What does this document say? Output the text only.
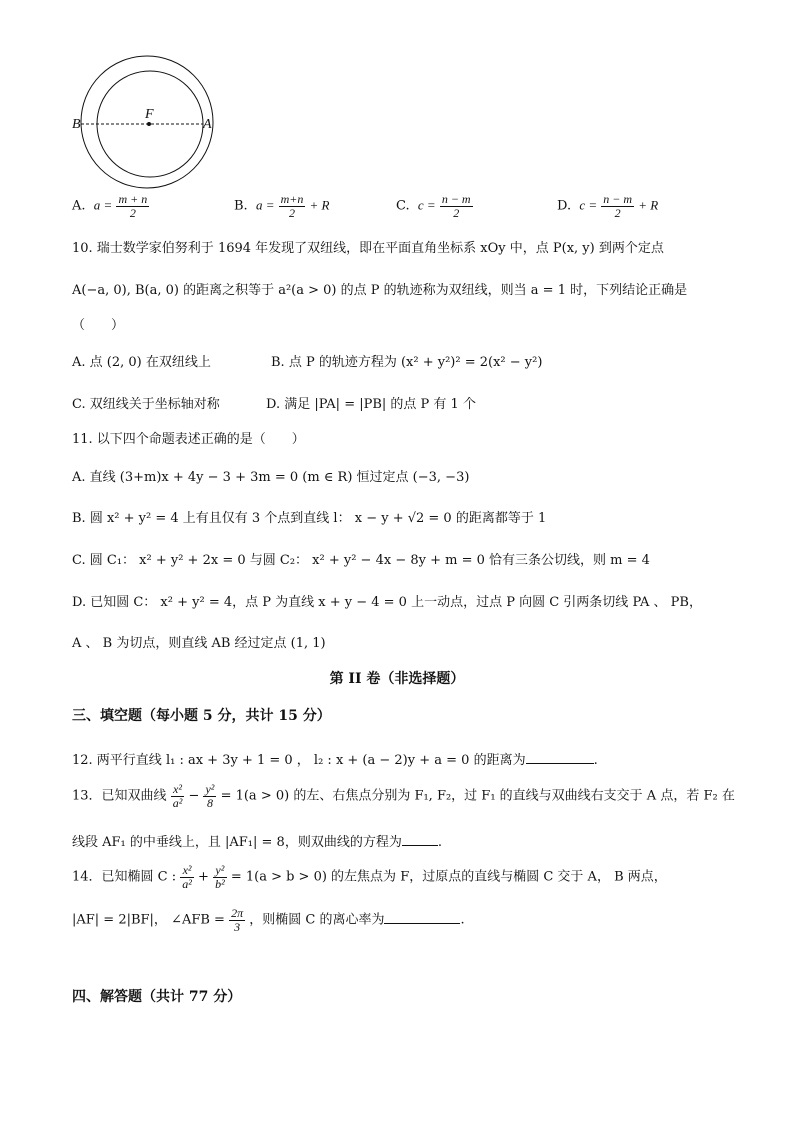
B
F
A
A. $a = \frac{m + n}{2}$	B. $a = \frac{m+n}{2} + R$	C. $c = \frac{n - m}{2}$	D. $c = \frac{n - m}{2} + R$
10. 瑞士数学家伯努利于 1694 年发现了双纽线，即在平面直角坐标系 xOy 中，点 P(x, y) 到两个定点
A(−a, 0), B(a, 0) 的距离之积等于 a²(a > 0) 的点 P 的轨迹称为双纽线，则当 a = 1 时，下列结论正确是
（　　）
A. 点 (2, 0) 在双纽线上	B. 点 P 的轨迹方程为 (x² + y²)² = 2(x² − y²)
C. 双纽线关于坐标轴对称	D. 满足 |PA| = |PB| 的点 P 有 1 个
11. 以下四个命题表述正确的是（　　）
A. 直线 (3+m)x + 4y − 3 + 3m = 0 (m ∈ R) 恒过定点 (−3, −3)
B. 圆 x² + y² = 4 上有且仅有 3 个点到直线 l： x − y + √2 = 0 的距离都等于 1
C. 圆 C₁： x² + y² + 2x = 0 与圆 C₂： x² + y² − 4x − 8y + m = 0 恰有三条公切线，则 m = 4
D. 已知圆 C： x² + y² = 4，点 P 为直线 x + y − 4 = 0 上一动点，过点 P 向圆 C 引两条切线 PA 、 PB，
A 、 B 为切点，则直线 AB 经过定点 (1, 1)
第 II 卷（非选择题）
三、填空题（每小题 5 分，共计 15 分）
12. 两平行直线 l₁ : ax + 3y + 1 = 0 ， l₂ : x + (a − 2)y + a = 0 的距离为	.
13．已知双曲线 $\frac{\text{x²}}{\text{a²}} - \frac{\text{y²}}{8} = 1(a > 0)$ 的左、右焦点分别为 F₁, F₂，过 F₁ 的直线与双曲线右支交于 A 点，若 F₂ 在
线段 AF₁ 的中垂线上，且 |AF₁| = 8，则双曲线的方程为	.
14．已知椭圆 C : $\frac{\text{x²}}{\text{a²}} + \frac{\text{y²}}{\text{b²}} = 1(a > b > 0)$ 的左焦点为 F，过原点的直线与椭圆 C 交于 A， B 两点，
|AF| = 2|BF|， ∠AFB = $\frac{2\pi}{3}$ ，则椭圆 C 的离心率为	.
四、解答题（共计 77 分）
